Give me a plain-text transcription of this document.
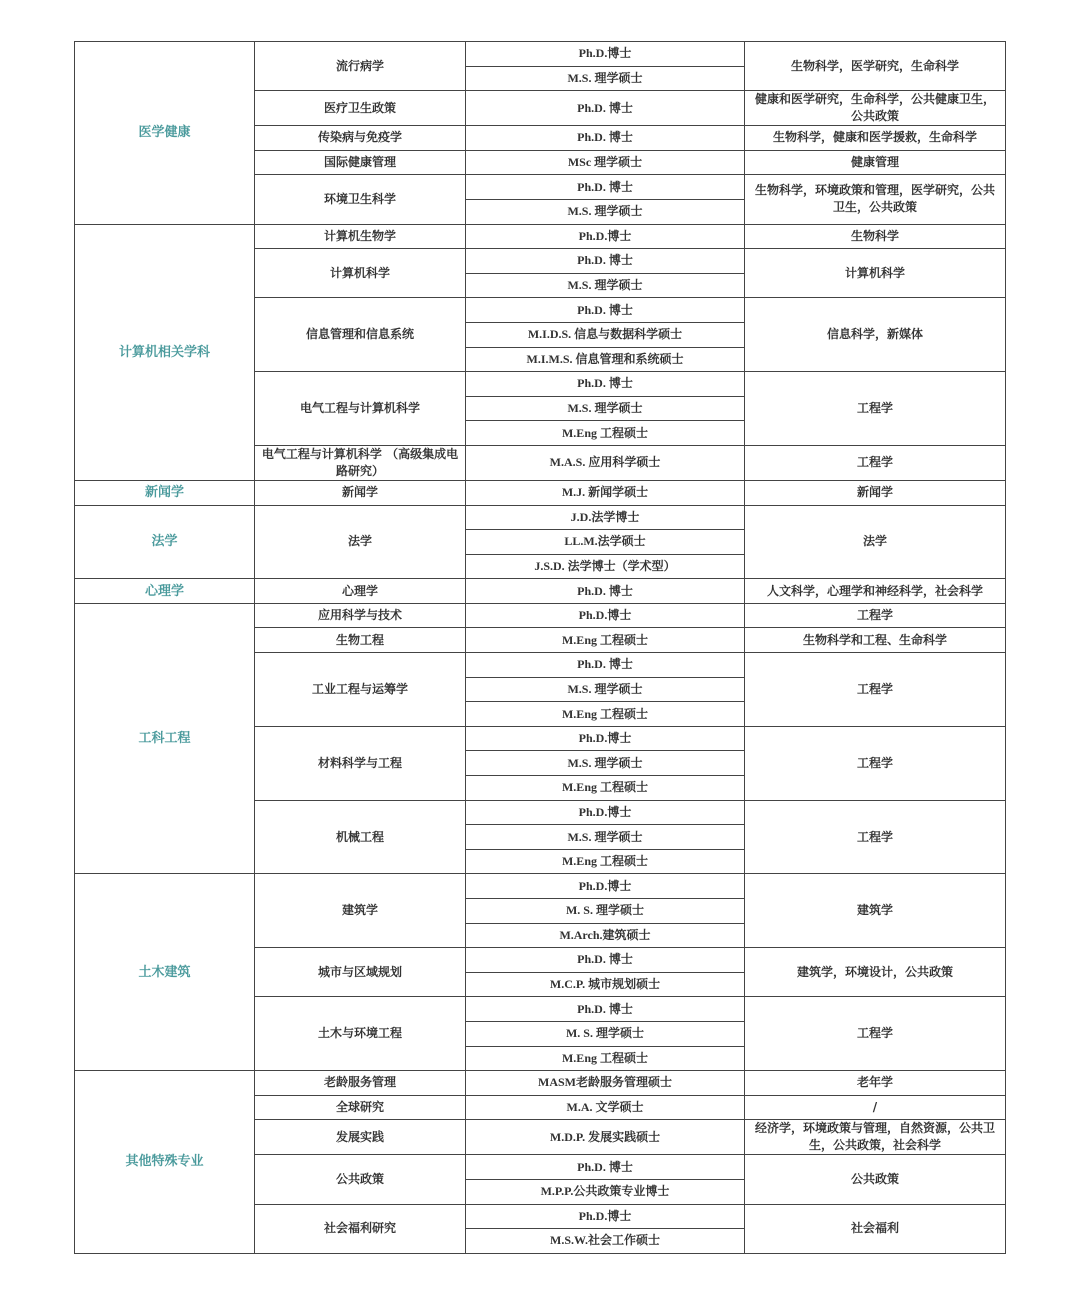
医学健康	流行病学	Ph.D.博士	生物科学，医学研究，生命科学
		M.S. 理学硕士	
	医疗卫生政策	Ph.D. 博士	健康和医学研究，生命科学，公共健康卫生，公共政策
	传染病与免疫学	Ph.D. 博士	生物科学，健康和医学援救，生命科学
	国际健康管理	MSc 理学硕士	健康管理
	环境卫生科学	Ph.D. 博士	生物科学，环境政策和管理，医学研究，公共卫生，公共政策
		M.S. 理学硕士	
计算机相关学科	计算机生物学	Ph.D.博士	生物科学
	计算机科学	Ph.D. 博士	计算机科学
		M.S. 理学硕士	
	信息管理和信息系统	Ph.D. 博士	信息科学，新媒体
		M.I.D.S. 信息与数据科学硕士	
		M.I.M.S. 信息管理和系统硕士	
	电气工程与计算机科学	Ph.D. 博士	工程学
		M.S. 理学硕士	
		M.Eng 工程硕士	
	电气工程与计算机科学 （高级集成电路研究）	M.A.S. 应用科学硕士	工程学
新闻学	新闻学	M.J. 新闻学硕士	新闻学
法学	法学	J.D.法学博士	法学
		LL.M.法学硕士	
		J.S.D. 法学博士（学术型）	
心理学	心理学	Ph.D. 博士	人文科学，心理学和神经科学，社会科学
工科工程	应用科学与技术	Ph.D.博士	工程学
	生物工程	M.Eng 工程硕士	生物科学和工程、生命科学
	工业工程与运筹学	Ph.D. 博士	工程学
		M.S. 理学硕士	
		M.Eng 工程硕士	
	材料科学与工程	Ph.D.博士	工程学
		M.S. 理学硕士	
		M.Eng 工程硕士	
	机械工程	Ph.D.博士	工程学
		M.S. 理学硕士	
		M.Eng 工程硕士	
土木建筑	建筑学	Ph.D.博士	建筑学
		M. S. 理学硕士	
		M.Arch.建筑硕士	
	城市与区域规划	Ph.D. 博士	建筑学，环境设计，公共政策
		M.C.P. 城市规划硕士	
	土木与环境工程	Ph.D. 博士	工程学
		M. S. 理学硕士	
		M.Eng 工程硕士	
其他特殊专业	老龄服务管理	MASM老龄服务管理硕士	老年学
	全球研究	M.A. 文学硕士	/
	发展实践	M.D.P. 发展实践硕士	经济学，环境政策与管理，自然资源，公共卫生，公共政策，社会科学
	公共政策	Ph.D. 博士	公共政策
		M.P.P.公共政策专业博士	
	社会福利研究	Ph.D.博士	社会福利
		M.S.W.社会工作硕士	
